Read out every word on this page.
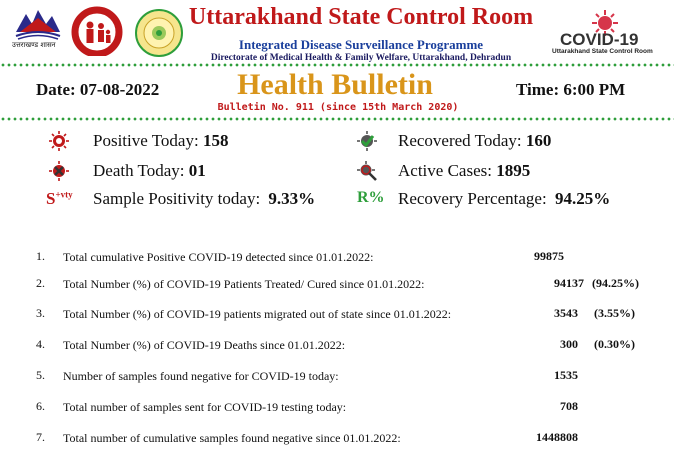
उत्तराखण्ड शासन
Uttarakhand State Control Room
Integrated Disease Surveillance Programme
Directorate of Medical Health & Family Welfare, Uttarakhand, Dehradun
COVID-19
Uttarakhand State Control Room
Date: 07-08-2022	Health Bulletin	Time: 6:00 PM
Bulletin No. 911 (since 15th March 2020)
Positive Today: 158	Recovered Today: 160
Death Today: 01	Active Cases: 1895
$S^{+vty}$ Sample Positivity today: 9.33%	R% Recovery Percentage: 94.25%
1. Total cumulative Positive COVID-19 detected since 01.01.2022:	99875
2. Total Number (%) of COVID-19 Patients Treated/ Cured since 01.01.2022:	94137 (94.25%)
3. Total Number (%) of COVID-19 patients migrated out of state since 01.01.2022:	3543 (3.55%)
4. Total Number (%) of COVID-19 Deaths since 01.01.2022:	300 (0.30%)
5. Number of samples found negative for COVID-19 today:	1535
6. Total number of samples sent for COVID-19 testing today:	708
7. Total number of cumulative samples found negative since 01.01.2022:	1448808
